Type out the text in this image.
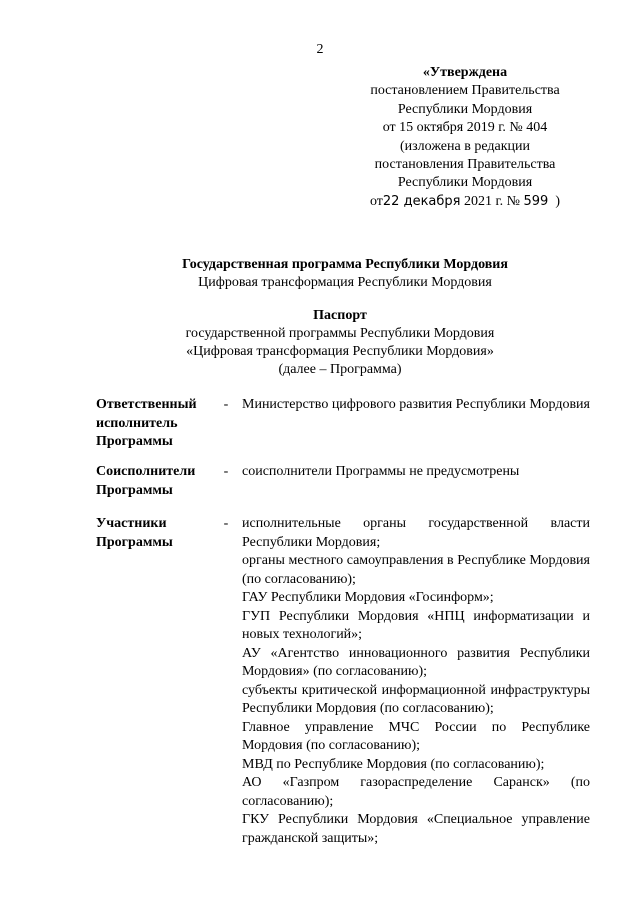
2
«Утверждена
постановлением Правительства
Республики Мордовия
от 15 октября 2019 г. № 404
(изложена в редакции
постановления Правительства
Республики Мордовия
от22 декабря 2021 г. № 599 )
Государственная программа Республики Мордовия
Цифровая трансформация Республики Мордовия
Паспорт
государственной программы Республики Мордовия
«Цифровая трансформация Республики Мордовия»
(далее – Программа)
Ответственный
исполнитель
Программы
- Министерство цифрового развития Республики Мордовия
Соисполнители
Программы
- соисполнители Программы не предусмотрены
Участники
Программы
- исполнительные органы государственной власти Республики Мордовия;
органы местного самоуправления в Республике Мордовия (по согласованию);
ГАУ Республики Мордовия «Госинформ»;
ГУП Республики Мордовия «НПЦ информатизации и новых технологий»;
АУ «Агентство инновационного развития Республики Мордовия» (по согласованию);
субъекты критической информационной инфраструктуры Республики Мордовия (по согласованию);
Главное управление МЧС России по Республике Мордовия (по согласованию);
МВД по Республике Мордовия (по согласованию);
АО «Газпром газораспределение Саранск» (по согласованию);
ГКУ Республики Мордовия «Специальное управление гражданской защиты»;
